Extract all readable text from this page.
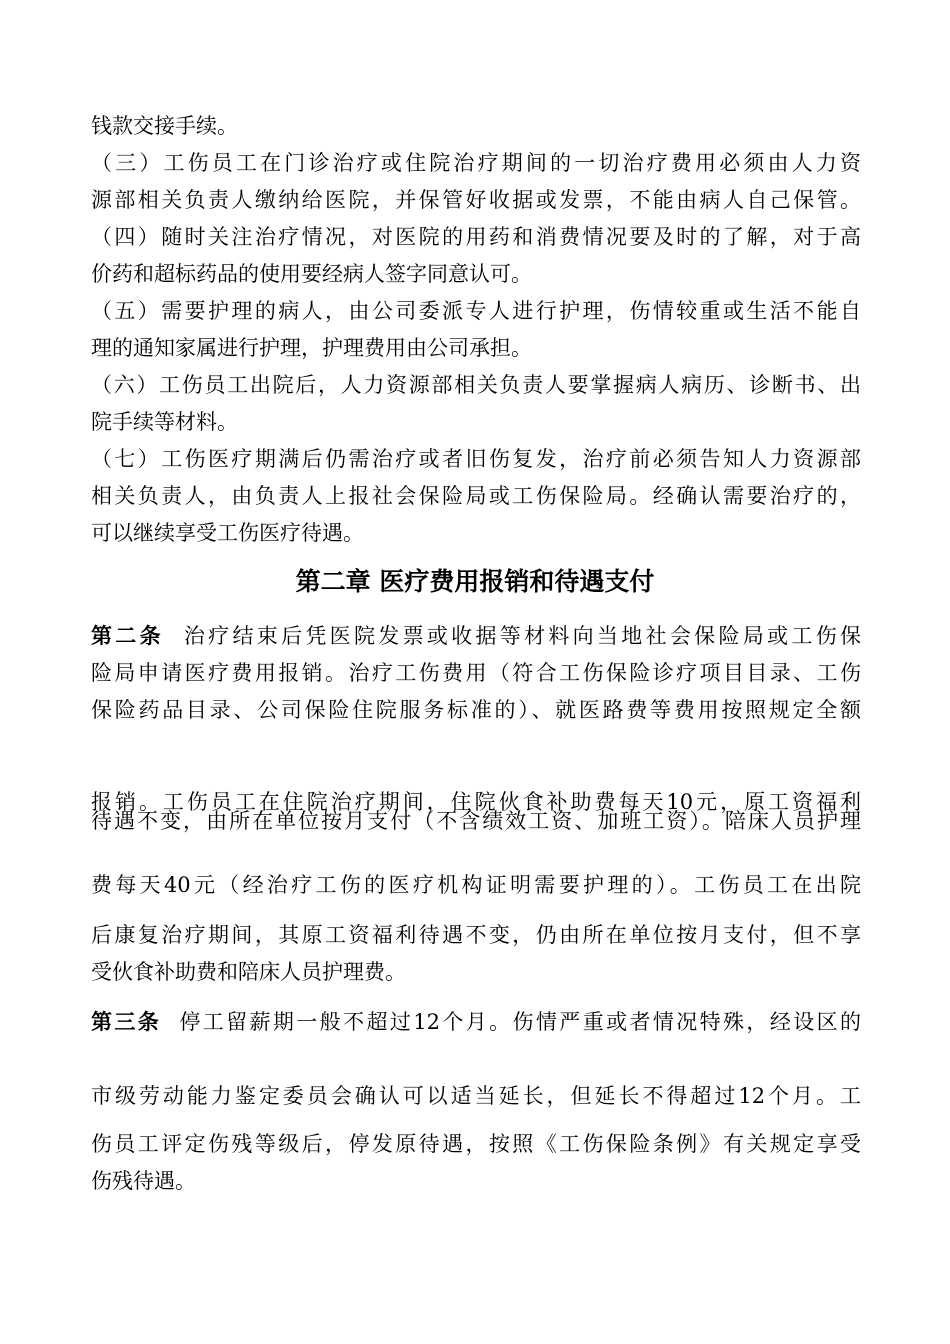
钱款交接手续。
（三）工伤员工在门诊治疗或住院治疗期间的一切治疗费用必须由人力资
源部相关负责人缴纳给医院，并保管好收据或发票，不能由病人自己保管。
（四）随时关注治疗情况，对医院的用药和消费情况要及时的了解，对于高
价药和超标药品的使用要经病人签字同意认可。
（五）需要护理的病人，由公司委派专人进行护理，伤情较重或生活不能自
理的通知家属进行护理，护理费用由公司承担。
（六）工伤员工出院后，人力资源部相关负责人要掌握病人病历、诊断书、出
院手续等材料。
（七）工伤医疗期满后仍需治疗或者旧伤复发，治疗前必须告知人力资源部
相关负责人，由负责人上报社会保险局或工伤保险局。经确认需要治疗的，
可以继续享受工伤医疗待遇。
第二章 医疗费用报销和待遇支付
第二条 治疗结束后凭医院发票或收据等材料向当地社会保险局或工伤保
险局申请医疗费用报销。治疗工伤费用（符合工伤保险诊疗项目目录、工伤
保险药品目录、公司保险住院服务标准的）、就医路费等费用按照规定全额
报销。工伤员工在住院治疗期间，住院伙食补助费每天10元，原工资福利
待遇不变，由所在单位按月支付（不含绩效工资、加班工资）。陪床人员护理
费每天40元（经治疗工伤的医疗机构证明需要护理的）。工伤员工在出院
后康复治疗期间，其原工资福利待遇不变，仍由所在单位按月支付，但不享
受伙食补助费和陪床人员护理费。
第三条 停工留薪期一般不超过12个月。伤情严重或者情况特殊，经设区的
市级劳动能力鉴定委员会确认可以适当延长，但延长不得超过12个月。工
伤员工评定伤残等级后，停发原待遇，按照《工伤保险条例》有关规定享受
伤残待遇。
